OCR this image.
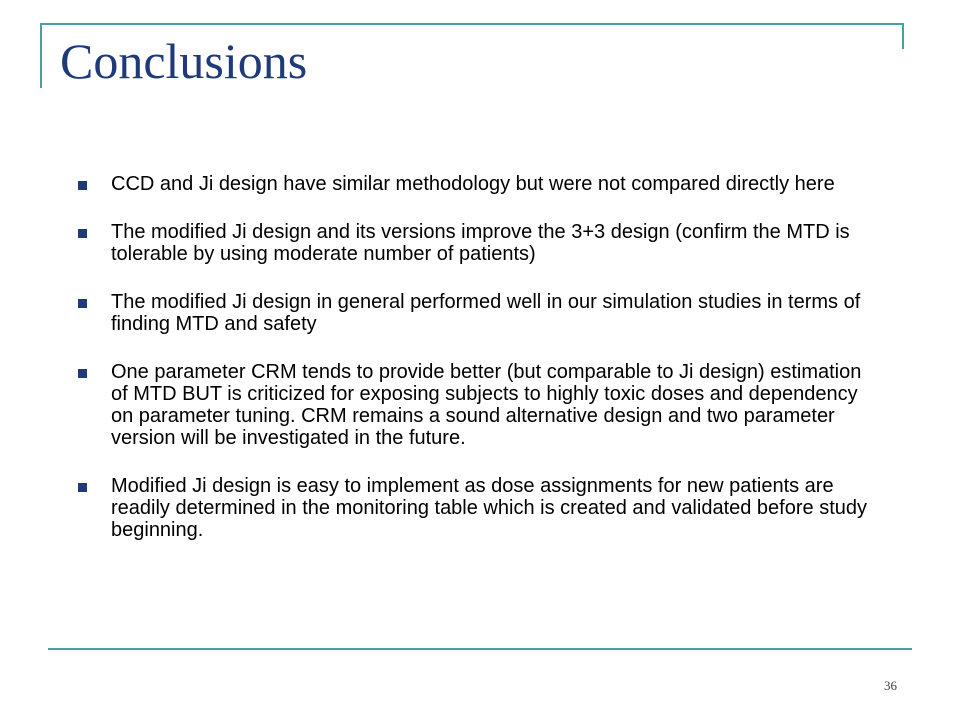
Conclusions
CCD and Ji design have similar methodology but were not compared directly here
The modified Ji design and its versions improve the 3+3 design (confirm the MTD is tolerable by using moderate number of patients)
The modified Ji design in general performed well in our simulation studies in terms of finding MTD and safety
One parameter CRM tends to provide better (but comparable to Ji design) estimation of MTD BUT is criticized for exposing subjects to highly toxic doses and dependency on parameter tuning. CRM remains a sound alternative design and two parameter version will be investigated in the future.
Modified Ji design is easy to implement as dose assignments for new patients are readily determined in the monitoring table which is created and validated before study beginning.
36
